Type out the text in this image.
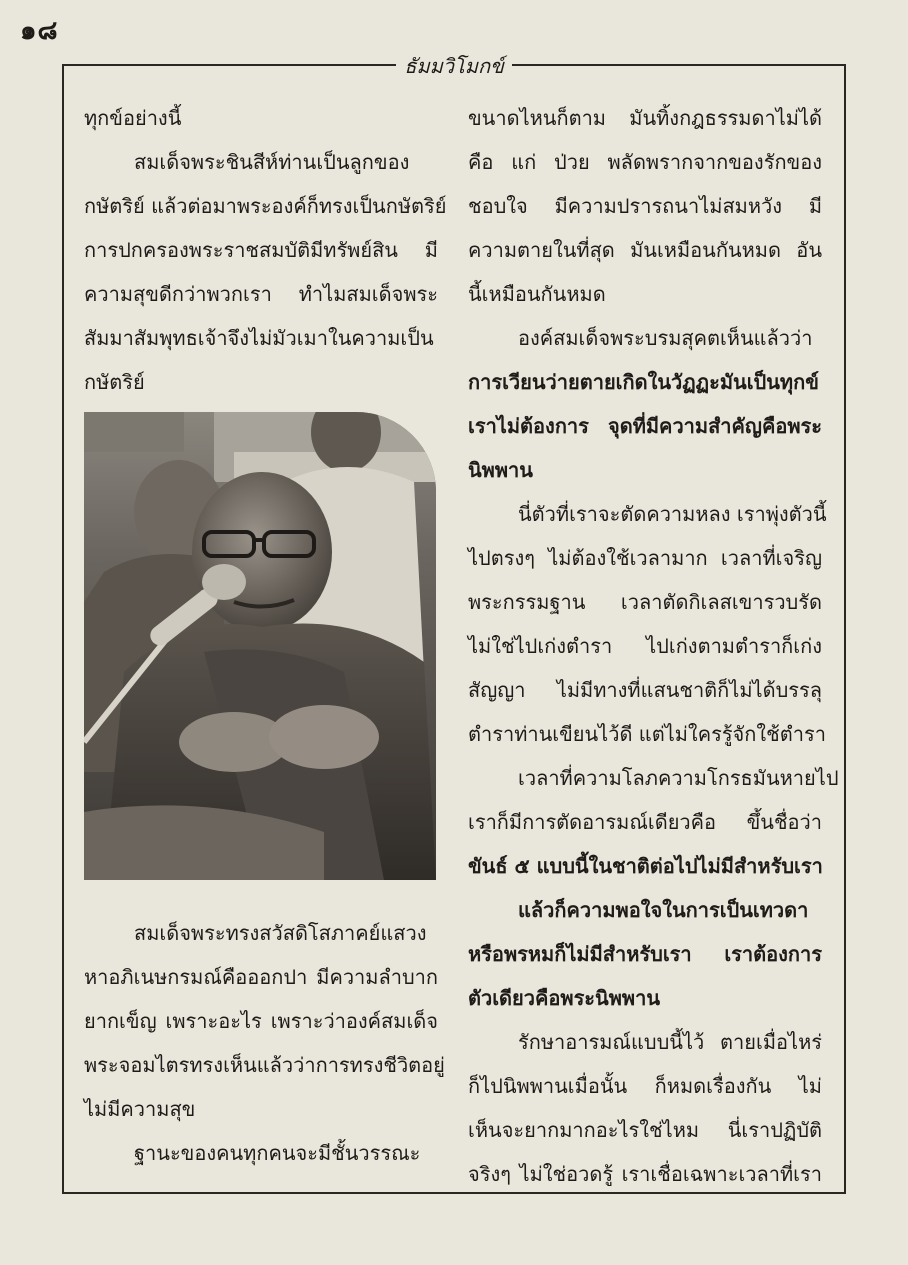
๑๘
ธัมมวิโมกข์

ทุกข์อย่างนี้

สมเด็จพระชินสีห์ท่านเป็นลูกของ

กษัตริย์ แล้วต่อมาพระองค์ก็ทรงเป็นกษัตริย์

การปกครองพระราชสมบัติมีทรัพย์สิน มี

ความสุขดีกว่าพวกเรา ทำไมสมเด็จพระ

สัมมาสัมพุทธเจ้าจึงไม่มัวเมาในความเป็น

กษัตริย์

สมเด็จพระทรงสวัสดิโสภาคย์แสวง

หาอภิเนษกรมณ์คือออกปา มีความลำบาก

ยากเข็ญ เพราะอะไร เพราะว่าองค์สมเด็จ

พระจอมไตรทรงเห็นแล้วว่าการทรงชีวิตอยู่

ไม่มีความสุข

ฐานะของคนทุกคนจะมีชั้นวรรณะ

ขนาดไหนก็ตาม มันทิ้งกฎธรรมดาไม่ได้

คือ แก่ ป่วย พลัดพรากจากของรักของ

ชอบใจ มีความปรารถนาไม่สมหวัง มี

ความตายในที่สุด มันเหมือนกันหมด อัน

นี้เหมือนกันหมด

องค์สมเด็จพระบรมสุคตเห็นแล้วว่า

การเวียนว่ายตายเกิดในวัฏฏะมันเป็นทุกข์

เราไม่ต้องการ จุดที่มีความสำคัญคือพระ

นิพพาน

นี่ตัวที่เราจะตัดความหลง เราพุ่งตัวนี้

ไปตรงๆ ไม่ต้องใช้เวลามาก เวลาที่เจริญ

พระกรรมฐาน เวลาตัดกิเลสเขารวบรัด

ไม่ใช่ไปเก่งตำรา ไปเก่งตามตำราก็เก่ง

สัญญา ไม่มีทางที่แสนชาติก็ไม่ได้บรรลุ

ตำราท่านเขียนไว้ดี แต่ไม่ใครรู้จักใช้ตำรา

เวลาที่ความโลภความโกรธมันหายไป

เราก็มีการตัดอารมณ์เดียวคือ ขึ้นชื่อว่า

ขันธ์ ๕ แบบนี้ในชาติต่อไปไม่มีสำหรับเรา

แล้วก็ความพอใจในการเป็นเทวดา

หรือพรหมก็ไม่มีสำหรับเรา เราต้องการ

ตัวเดียวคือพระนิพพาน

รักษาอารมณ์แบบนี้ไว้ ตายเมื่อไหร่

ก็ไปนิพพานเมื่อนั้น ก็หมดเรื่องกัน ไม่

เห็นจะยากมากอะไรใช่ไหม นี่เราปฏิบัติ

จริงๆ ไม่ใช่อวดรู้ เราเชื่อเฉพาะเวลาที่เรา
